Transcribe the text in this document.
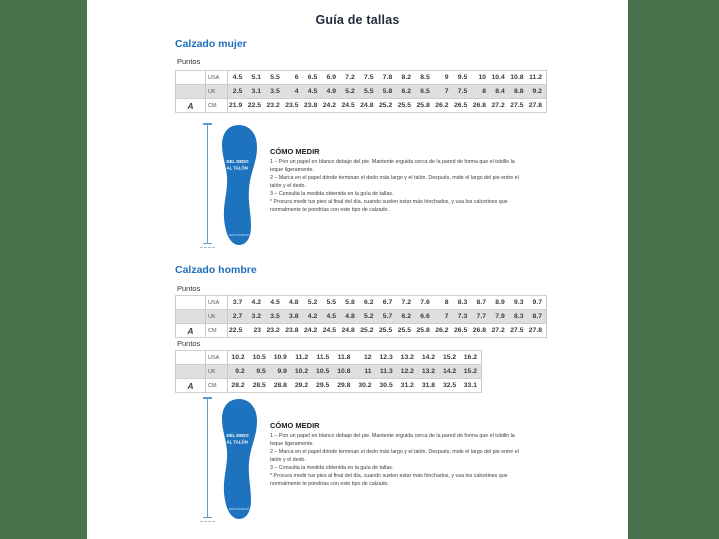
Guía de tallas
Calzado mujer
Puntos
	USA	4.5	5.1	5.5	6	6.5	6.9	7.2	7.5	7.8	8.2	8.5	9	9.5	10	10.4	10.8	11.2
	UK	2.5	3.1	3.5	4	4.5	4.9	5.2	5.5	5.8	6.2	6.5	7	7.5	8	8.4	8.8	9.2
A	CM	21.9	22.5	23.2	23.5	23.8	24.2	24.5	24.8	25.2	25.5	25.8	26.2	26.5	26.8	27.2	27.5	27.8
DEL DEDO
AL TALÓN
DEPORPRIVÉ
CÓMO MEDIR

1 – Pon un papel en blanco debajo del pie. Mantente erguida cerca de la pared de forma que el tobillo la toque ligeramente.

2 – Marca en el papel dónde terminan el dedo más largo y el talón. Después, mide el largo del pie entre el talón y el dedo.

3 – Consulta la medida obtenida en la guía de tallas.

* Procura medir tus pies al final del día, cuando suelen estar más hinchados, y usa los calcetines que normalmente te pondrías con este tipo de calzado.

Calzado hombre
Puntos
	USA	3.7	4.2	4.5	4.8	5.2	5.5	5.8	6.2	6.7	7.2	7.6	8	8.3	8.7	8.9	9.3	9.7
	UK	2.7	3.2	3.5	3.8	4.2	4.5	4.8	5.2	5.7	6.2	6.6	7	7.3	7.7	7.9	8.3	8.7
A	CM	22.5	23	23.2	23.8	24.2	24.5	24.8	25.2	25.5	25.5	25.8	26.2	26.5	26.8	27.2	27.5	27.8
Puntos
	USA	10.2	10.5	10.9	11.2	11.5	11.8	12	12.3	13.2	14.2	15.2	16.2
	UK	9.2	9.5	9.9	10.2	10.5	10.8	11	11.3	12.2	13.2	14.2	15.2
A	CM	28.2	28.5	28.8	29.2	29.5	29.8	30.2	30.5	31.2	31.8	32.5	33.1
DEL DEDO
AL TALÓN
DEPORPRIVÉ
CÓMO MEDIR

1 – Pon un papel en blanco debajo del pie. Mantente erguida cerca de la pared de forma que el tobillo la toque ligeramente.

2 – Marca en el papel dónde terminan el dedo más largo y el talón. Después, mide el largo del pie entre el talón y el dedo.

3 – Consulta la medida obtenida en la guía de tallas.

* Procura medir tus pies al final del día, cuando suelen estar más hinchados, y usa los calcetines que normalmente te pondrías con este tipo de calzado.
